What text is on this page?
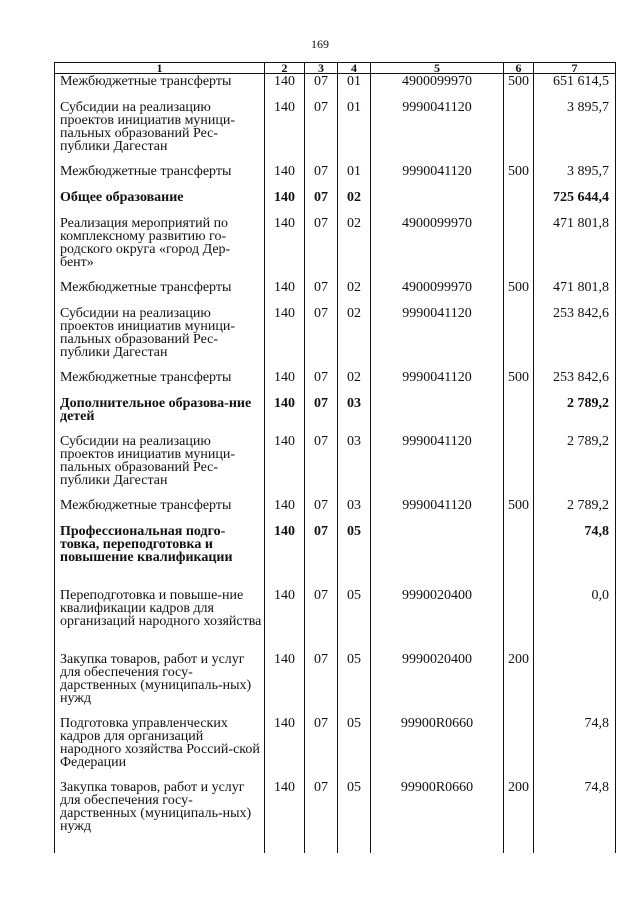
169
1	2	3	4	5	6	7
Межбюджетные трансферты	140	07	01	4900099970	500	651 614,5
Субсидии на реализацию проектов инициатив муници-пальных образований Рес-публики Дагестан	140	07	01	9990041120		3 895,7
Межбюджетные трансферты	140	07	01	9990041120	500	3 895,7
Общее образование	140	07	02			725 644,4
Реализация мероприятий по комплексному развитию го-родского округа «город Дер-бент»	140	07	02	4900099970		471 801,8
Межбюджетные трансферты	140	07	02	4900099970	500	471 801,8
Субсидии на реализацию проектов инициатив муници-пальных образований Рес-публики Дагестан	140	07	02	9990041120		253 842,6
Межбюджетные трансферты	140	07	02	9990041120	500	253 842,6
Дополнительное образова-ние детей	140	07	03			2 789,2
Субсидии на реализацию проектов инициатив муници-пальных образований Рес-публики Дагестан	140	07	03	9990041120		2 789,2
Межбюджетные трансферты	140	07	03	9990041120	500	2 789,2
Профессиональная подго-товка, переподготовка и повышение квалификации	140	07	05			74,8
Переподготовка и повыше-ние квалификации кадров для организаций народного хозяйства	140	07	05	9990020400		0,0
Закупка товаров, работ и услуг для обеспечения госу-дарственных (муниципаль-ных) нужд	140	07	05	9990020400	200	
Подготовка управленческих кадров для организаций народного хозяйства Россий-ской Федерации	140	07	05	99900R0660		74,8
Закупка товаров, работ и услуг для обеспечения госу-дарственных (муниципаль-ных) нужд	140	07	05	99900R0660	200	74,8
